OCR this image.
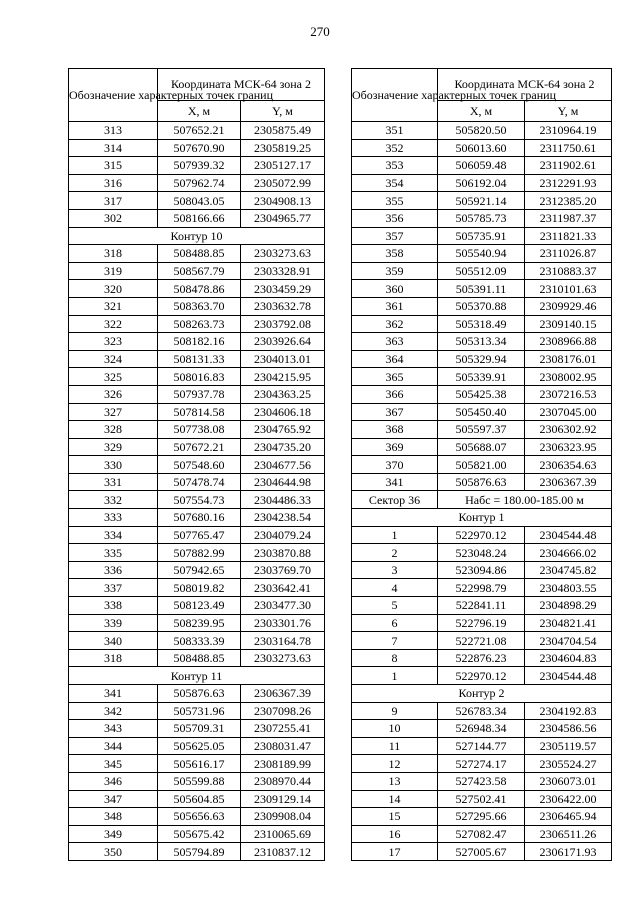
270
Обозначение характерных точек границ	Координата МСК-64 зона 2	
	X, м	Y, м
313	507652.21	2305875.49
314	507670.90	2305819.25
315	507939.32	2305127.17
316	507962.74	2305072.99
317	508043.05	2304908.13
302	508166.66	2304965.77
Контур 10		
318	508488.85	2303273.63
319	508567.79	2303328.91
320	508478.86	2303459.29
321	508363.70	2303632.78
322	508263.73	2303792.08
323	508182.16	2303926.64
324	508131.33	2304013.01
325	508016.83	2304215.95
326	507937.78	2304363.25
327	507814.58	2304606.18
328	507738.08	2304765.92
329	507672.21	2304735.20
330	507548.60	2304677.56
331	507478.74	2304644.98
332	507554.73	2304486.33
333	507680.16	2304238.54
334	507765.47	2304079.24
335	507882.99	2303870.88
336	507942.65	2303769.70
337	508019.82	2303642.41
338	508123.49	2303477.30
339	508239.95	2303301.76
340	508333.39	2303164.78
318	508488.85	2303273.63
Контур 11		
341	505876.63	2306367.39
342	505731.96	2307098.26
343	505709.31	2307255.41
344	505625.05	2308031.47
345	505616.17	2308189.99
346	505599.88	2308970.44
347	505604.85	2309129.14
348	505656.63	2309908.04
349	505675.42	2310065.69
350	505794.89	2310837.12
Обозначение характерных точек границ	Координата МСК-64 зона 2	
	X, м	Y, м
351	505820.50	2310964.19
352	506013.60	2311750.61
353	506059.48	2311902.61
354	506192.04	2312291.93
355	505921.14	2312385.20
356	505785.73	2311987.37
357	505735.91	2311821.33
358	505540.94	2311026.87
359	505512.09	2310883.37
360	505391.11	2310101.63
361	505370.88	2309929.46
362	505318.49	2309140.15
363	505313.34	2308966.88
364	505329.94	2308176.01
365	505339.91	2308002.95
366	505425.38	2307216.53
367	505450.40	2307045.00
368	505597.37	2306302.92
369	505688.07	2306323.95
370	505821.00	2306354.63
341	505876.63	2306367.39
Сектор 36	Набс = 180.00-185.00 м	
Контур 1		
1	522970.12	2304544.48
2	523048.24	2304666.02
3	523094.86	2304745.82
4	522998.79	2304803.55
5	522841.11	2304898.29
6	522796.19	2304821.41
7	522721.08	2304704.54
8	522876.23	2304604.83
1	522970.12	2304544.48
Контур 2		
9	526783.34	2304192.83
10	526948.34	2304586.56
11	527144.77	2305119.57
12	527274.17	2305524.27
13	527423.58	2306073.01
14	527502.41	2306422.00
15	527295.66	2306465.94
16	527082.47	2306511.26
17	527005.67	2306171.93
